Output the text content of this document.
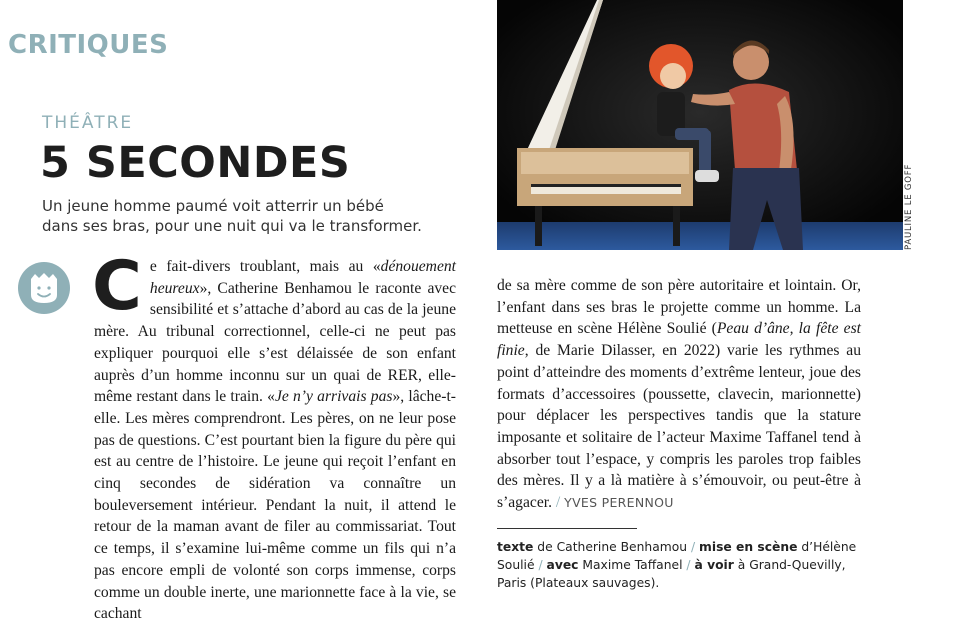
CRITIQUES
THÉÂTRE
5 SECONDES

Un jeune homme paumé voit atterrir un bébé
dans ses bras, pour une nuit qui va le transformer.

Ce fait-divers troublant, mais au «dénouement heureux», Catherine Benhamou le raconte avec sensibilité et s’attache d’abord au cas de la jeune mère. Au tribunal correctionnel, celle-ci ne peut pas expliquer pourquoi elle s’est délaissée de son enfant auprès d’un homme inconnu sur un quai de RER, elle-même restant dans le train. «Je n’y arrivais pas», lâche-t-elle. Les mères comprendront. Les pères, on ne leur pose pas de questions. C’est pourtant bien la figure du père qui est au centre de l’histoire. Le jeune qui reçoit l’enfant en cinq secondes de sidération va connaître un bouleversement intérieur. Pendant la nuit, il attend le retour de la maman avant de filer au commissariat. Tout ce temps, il s’examine lui-même comme un fils qui n’a pas encore empli de volonté son corps immense, corps comme un double inerte, une marionnette face à la vie, se cachant

de sa mère comme de son père autoritaire et lointain. Or, l’enfant dans ses bras le projette comme un homme. La metteuse en scène Hélène Soulié (Peau d’âne, la fête est finie, de Marie Dilasser, en 2022) varie les rythmes au point d’atteindre des moments d’extrême lenteur, joue des formats d’accessoires (poussette, clavecin, marionnette) pour déplacer les perspectives tandis que la stature imposante et solitaire de l’acteur Maxime Taffanel tend à absorber tout l’espace, y compris les paroles trop faibles des mères. Il y a là matière à s’émouvoir, ou peut-être à s’agacer. / YVES PERENNOU

texte de Catherine Benhamou / mise en scène d’Hélène Soulié / avec Maxime Taffanel / à voir à Grand-Quevilly, Paris (Plateaux sauvages).

PAULINE LE GOFF
